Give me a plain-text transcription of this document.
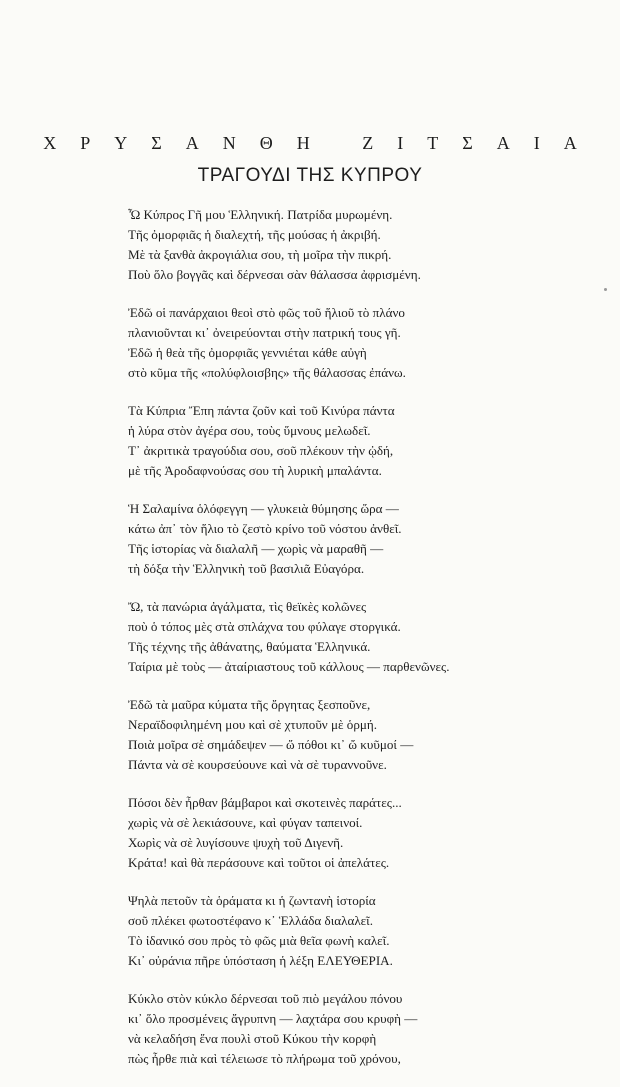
ΧΡΥΣΑΝΘΗ ΖΙΤΣΑΙΑ
ΤΡΑΓΟΥΔΙ ΤΗΣ ΚΥΠΡΟΥ
Ὦ Κύπρος Γῆ μου Ἑλληνική. Πατρίδα μυρωμένη.
Τῆς ὀμορφιᾶς ἡ διαλεχτή, τῆς μούσας ἡ ἀκριβή.
Μὲ τὰ ξανθὰ ἀκρογιάλια σου, τὴ μοῖρα τὴν πικρή.
Ποὺ ὅλο βογγᾶς καὶ δέρνεσαι σὰν θάλασσα ἀφρισμένη.
Ἐδῶ οἱ πανάρχαιοι θεοὶ στὸ φῶς τοῦ ἥλιοῦ τὸ πλάνο
πλανιοῦνται κι᾿ ὀνειρεύονται στὴν πατρική τους γῆ.
Ἐδῶ ἡ θεὰ τῆς ὀμορφιᾶς γεννιέται κάθε αὐγὴ
στὸ κῦμα τῆς «πολύφλοισβης» τῆς θάλασσας ἐπάνω.
Τὰ Κύπρια Ἔπη πάντα ζοῦν καὶ τοῦ Κινύρα πάντα
ἡ λύρα στὸν ἀγέρα σου, τοὺς ὕμνους μελωδεῖ.
Τ᾿ ἀκριτικὰ τραγούδια σου, σοῦ πλέκουν τὴν ᾠδή,
μὲ τῆς Ἀροδαφνούσας σου τὴ λυρικὴ μπαλάντα.
Ἡ Σαλαμίνα ὁλόφεγγη — γλυκειὰ θύμησης ὥρα —
κάτω ἀπ᾿ τὸν ἥλιο τὸ ζεστὸ κρίνο τοῦ νόστου ἀνθεῖ.
Τῆς ἱστορίας νὰ διαλαλῆ — χωρὶς νὰ μαραθῆ —
τὴ δόξα τὴν Ἑλληνικὴ τοῦ βασιλιᾶ Εὐαγόρα.
Ὤ, τὰ πανώρια ἀγάλματα, τὶς θεϊκὲς κολῶνες
ποὺ ὁ τόπος μὲς στὰ σπλάχνα του φύλαγε στοργικά.
Τῆς τέχνης τῆς ἀθάνατης, θαύματα Ἑλληνικά.
Ταίρια μὲ τοὺς — ἀταίριαστους τοῦ κάλλους — παρθενῶνες.
Ἐδῶ τὰ μαῦρα κύματα τῆς ὄργητας ξεσποῦνε,
Νεραϊδοφιλημένη μου καὶ σὲ χτυποῦν μὲ ὁρμή.
Ποιὰ μοῖρα σὲ σημάδεψεν — ὤ πόθοι κι᾿ ὤ κυῦμοί —
Πάντα νὰ σὲ κουρσεύουνε καὶ νὰ σὲ τυραννοῦνε.
Πόσοι δὲν ἦρθαν βάμβαροι καὶ σκοτεινὲς παράτες...
χωρὶς νὰ σὲ λεκιάσουνε, καὶ φύγαν ταπεινοί.
Χωρὶς νὰ σὲ λυγίσουνε ψυχὴ τοῦ Διγενῆ.
Κράτα! καὶ θὰ περάσουνε καὶ τοῦτοι οἱ ἀπελάτες.
Ψηλὰ πετοῦν τὰ ὁράματα κι ἡ ζωντανὴ ἱστορία
σοῦ πλέκει φωτοστέφανο κ᾿ Ἑλλάδα διαλαλεῖ.
Τὸ ἰδανικό σου πρὸς τὸ φῶς μιὰ θεῖα φωνὴ καλεῖ.
Κι᾿ οὐράνια πῆρε ὑπόσταση ἡ λέξη ΕΛΕΥΘΕΡΙΑ.
Κύκλο στὸν κύκλο δέρνεσαι τοῦ πιὸ μεγάλου πόνου
κι᾿ ὅλο προσμένεις ἄγρυπνη — λαχτάρα σου κρυφὴ —
νὰ κελαδήση ἕνα πουλὶ στοῦ Κύκου τὴν κορφὴ
πὼς ἦρθε πιὰ καὶ τέλειωσε τὸ πλήρωμα τοῦ χρόνου,
